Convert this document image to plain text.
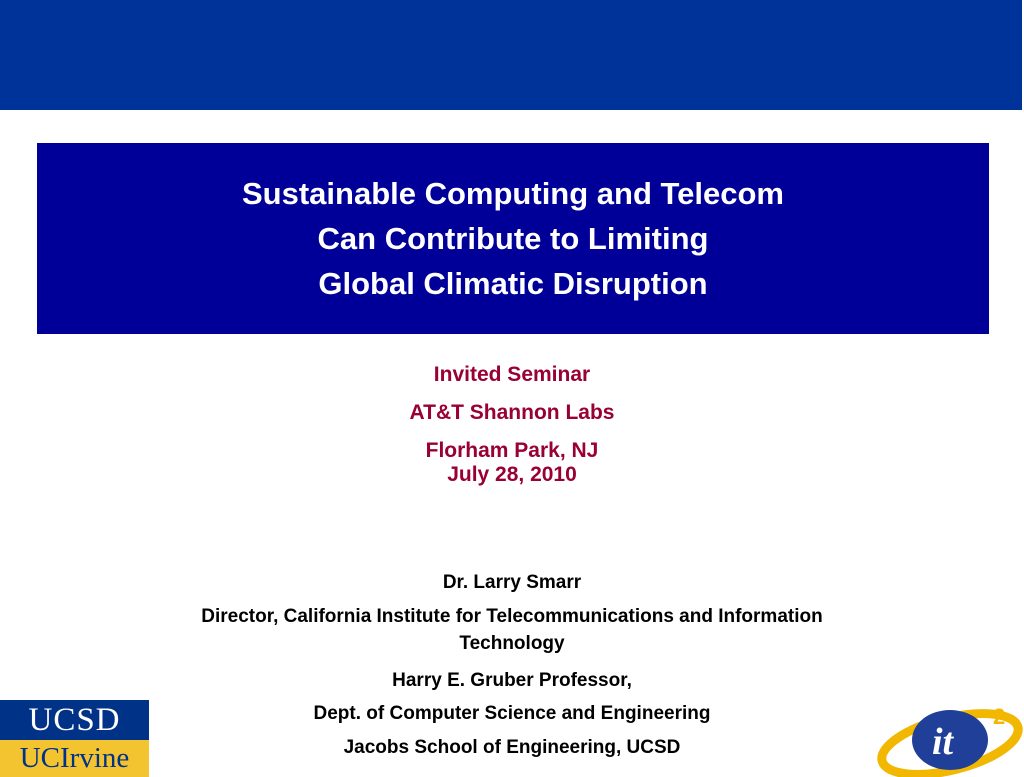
Sustainable Computing and Telecom
Can Contribute to Limiting
Global Climatic Disruption
Invited Seminar
AT&T Shannon Labs
Florham Park, NJ
July 28, 2010
Dr. Larry Smarr
Director, California Institute for Telecommunications and Information Technology
Harry E. Gruber Professor,
Dept. of Computer Science and Engineering
Jacobs School of Engineering, UCSD
UCSD
UCIrvine	it
2
